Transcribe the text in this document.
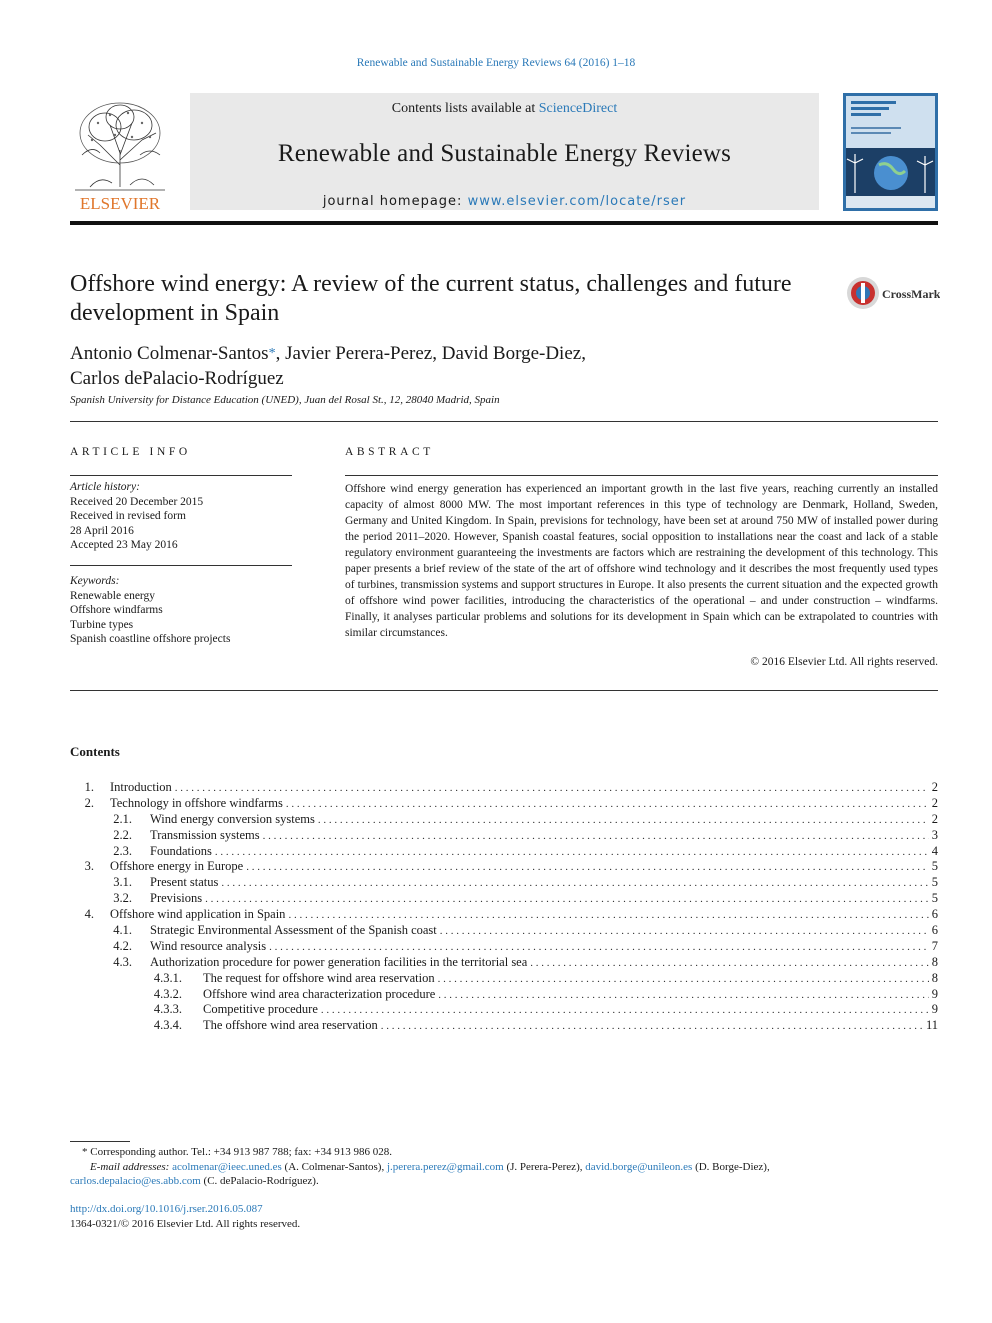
Renewable and Sustainable Energy Reviews 64 (2016) 1–18
ELSEVIER
Contents lists available at ScienceDirect
Renewable and Sustainable Energy Reviews
journal homepage: www.elsevier.com/locate/rser
Offshore wind energy: A review of the current status, challenges and future development in Spain
CrossMark
Antonio Colmenar-Santos*, Javier Perera-Perez, David Borge-Diez,
Carlos dePalacio-Rodríguez
Spanish University for Distance Education (UNED), Juan del Rosal St., 12, 28040 Madrid, Spain
ARTICLE INFO	ABSTRACT
Article history:
Received 20 December 2015
Received in revised form
28 April 2016
Accepted 23 May 2016
Keywords:
Renewable energy
Offshore windfarms
Turbine types
Spanish coastline offshore projects
Offshore wind energy generation has experienced an important growth in the last five years, reaching currently an installed capacity of almost 8000 MW. The most important references in this type of technology are Denmark, Holland, Sweden, Germany and United Kingdom. In Spain, previsions for technology, have been set at around 750 MW of installed power during the period 2011–2020. However, Spanish coastal features, social opposition to installations near the coast and lack of a stable regulatory environment guaranteeing the investments are factors which are restraining the development of this technology. This paper presents a brief review of the state of the art of offshore wind technology and it describes the most frequently used types of turbines, transmission systems and support structures in Europe. It also presents the current situation and the expected growth of offshore wind power facilities, introducing the characteristics of the operational – and under construction – windfarms. Finally, it analyses particular problems and solutions for its development in Spain which can be extrapolated to countries with similar circumstances.
© 2016 Elsevier Ltd. All rights reserved.
Contents
1. Introduction . . .	2
2. Technology in offshore windfarms . . .	2
2.1. Wind energy conversion systems . . .	2
2.2. Transmission systems . . .	3
2.3. Foundations . . .	4
3. Offshore energy in Europe . . .	5
3.1. Present status . . .	5
3.2. Previsions . . .	5
4. Offshore wind application in Spain . . .	6
4.1. Strategic Environmental Assessment of the Spanish coast . . .	6
4.2. Wind resource analysis . . .	7
4.3. Authorization procedure for power generation facilities in the territorial sea . . .	8
4.3.1. The request for offshore wind area reservation . . .	8
4.3.2. Offshore wind area characterization procedure . . .	9
4.3.3. Competitive procedure . . .	9
4.3.4. The offshore wind area reservation . . .	11

* Corresponding author. Tel.: +34 913 987 788; fax: +34 913 986 028.

E-mail addresses: acolmenar@ieec.uned.es (A. Colmenar-Santos), j.perera.perez@gmail.com (J. Perera-Perez), david.borge@unileon.es (D. Borge-Diez),

carlos.depalacio@es.abb.com (C. dePalacio-Rodríguez).

http://dx.doi.org/10.1016/j.rser.2016.05.087
1364-0321/© 2016 Elsevier Ltd. All rights reserved.
